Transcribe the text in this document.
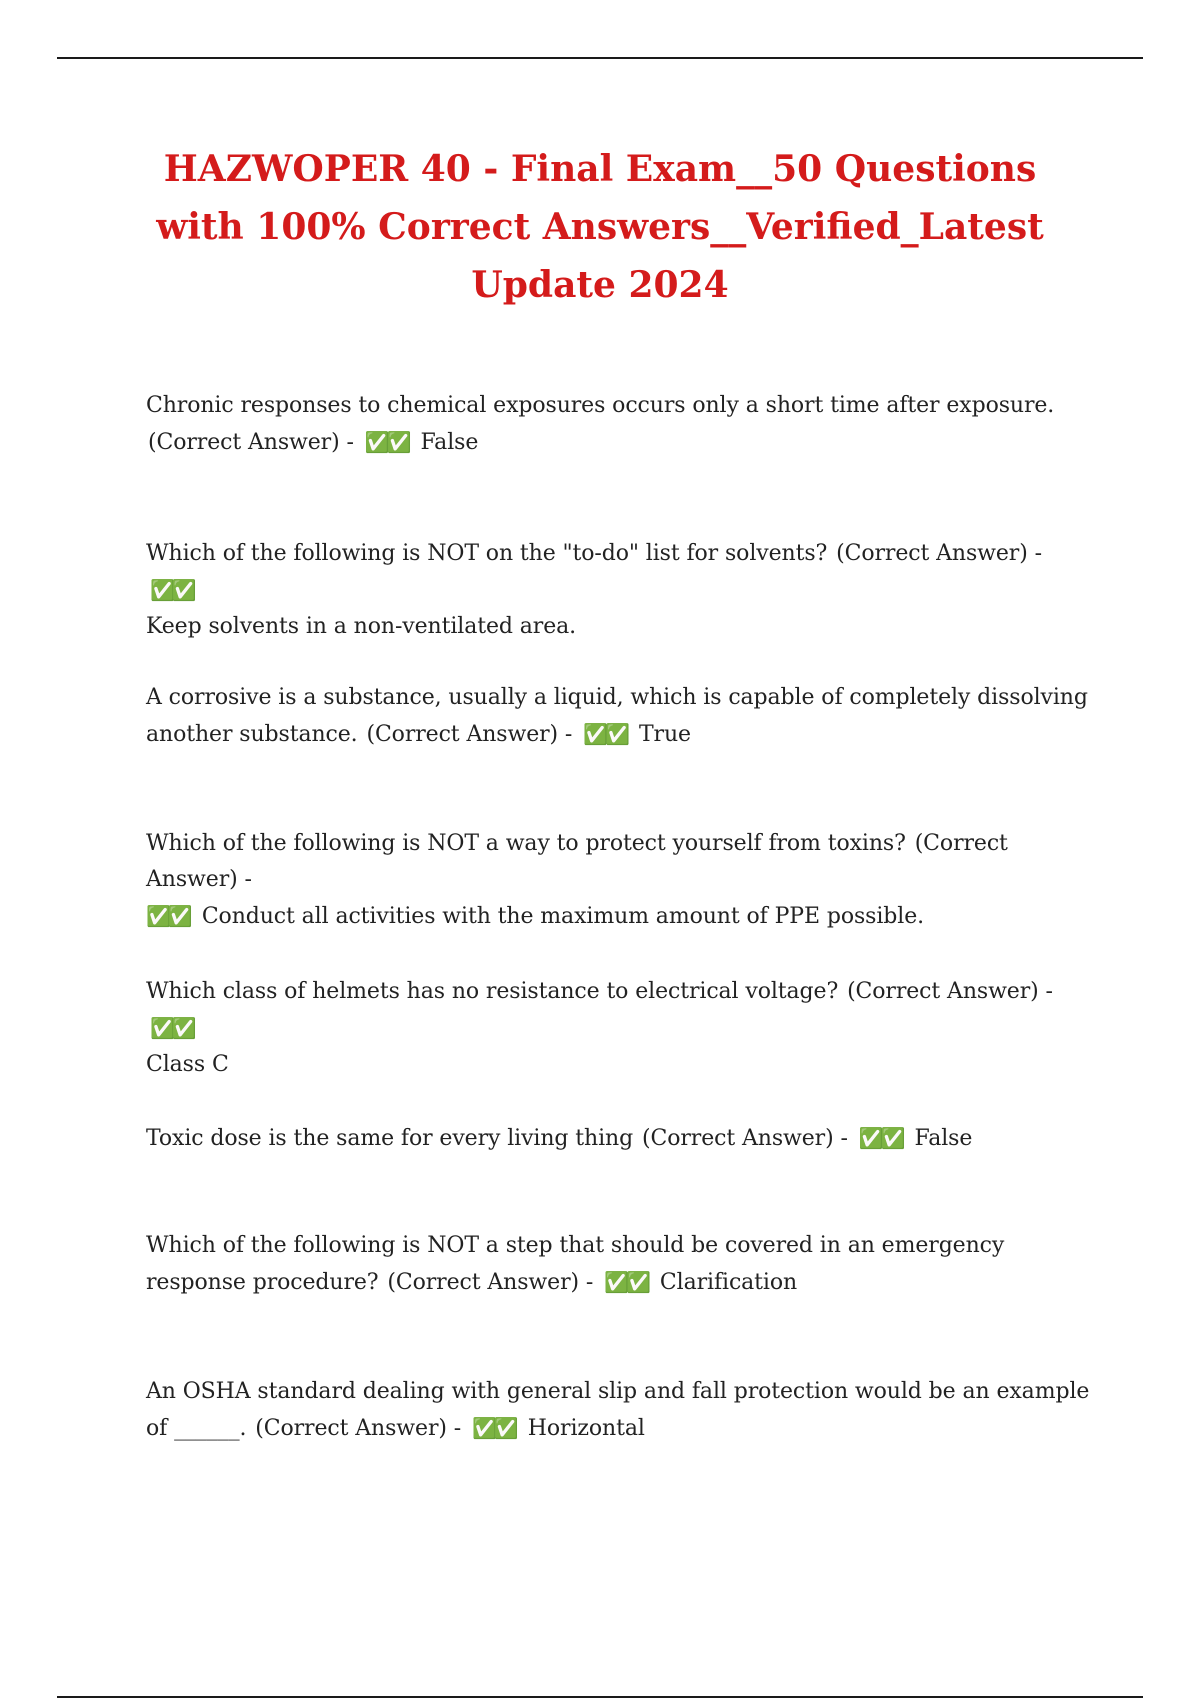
HAZWOPER 40 - Final Exam__50 Questions with 100% Correct Answers__Verified_Latest Update 2024
Chronic responses to chemical exposures occurs only a short time after exposure.
(Correct Answer) - ✅✅ False
Which of the following is NOT on the "to-do" list for solvents? (Correct Answer) - ✅✅
Keep solvents in a non-ventilated area.
A corrosive is a substance, usually a liquid, which is capable of completely dissolving another substance. (Correct Answer) - ✅✅ True
Which of the following is NOT a way to protect yourself from toxins? (Correct Answer) -
✅✅ Conduct all activities with the maximum amount of PPE possible.
Which class of helmets has no resistance to electrical voltage? (Correct Answer) - ✅✅
Class C
Toxic dose is the same for every living thing (Correct Answer) - ✅✅ False
Which of the following is NOT a step that should be covered in an emergency response procedure? (Correct Answer) - ✅✅ Clarification
An OSHA standard dealing with general slip and fall protection would be an example of ______. (Correct Answer) - ✅✅ Horizontal
